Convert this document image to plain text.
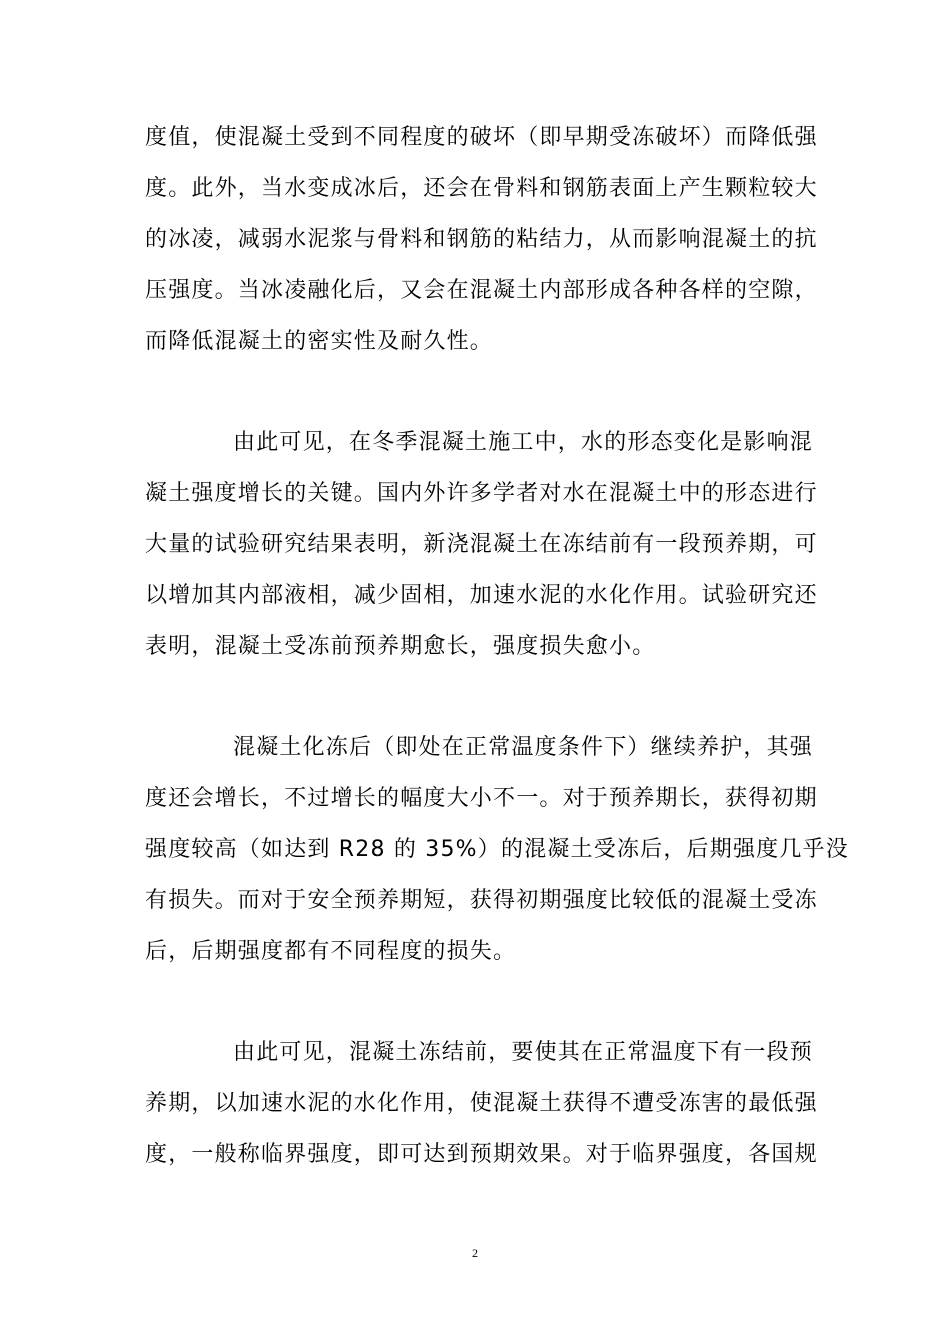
度值，使混凝土受到不同程度的破坏（即早期受冻破坏）而降低强
度。此外，当水变成冰后，还会在骨料和钢筋表面上产生颗粒较大
的冰凌，减弱水泥浆与骨料和钢筋的粘结力，从而影响混凝土的抗
压强度。当冰凌融化后，又会在混凝土内部形成各种各样的空隙，
而降低混凝土的密实性及耐久性。
由此可见，在冬季混凝土施工中，水的形态变化是影响混
凝土强度增长的关键。国内外许多学者对水在混凝土中的形态进行
大量的试验研究结果表明，新浇混凝土在冻结前有一段预养期，可
以增加其内部液相，减少固相，加速水泥的水化作用。试验研究还
表明，混凝土受冻前预养期愈长，强度损失愈小。
混凝土化冻后（即处在正常温度条件下）继续养护，其强
度还会增长，不过增长的幅度大小不一。对于预养期长，获得初期
强度较高（如达到 R28 的 35%）的混凝土受冻后，后期强度几乎没
有损失。而对于安全预养期短，获得初期强度比较低的混凝土受冻
后，后期强度都有不同程度的损失。
由此可见，混凝土冻结前，要使其在正常温度下有一段预
养期，以加速水泥的水化作用，使混凝土获得不遭受冻害的最低强
度，一般称临界强度，即可达到预期效果。对于临界强度，各国规
2
